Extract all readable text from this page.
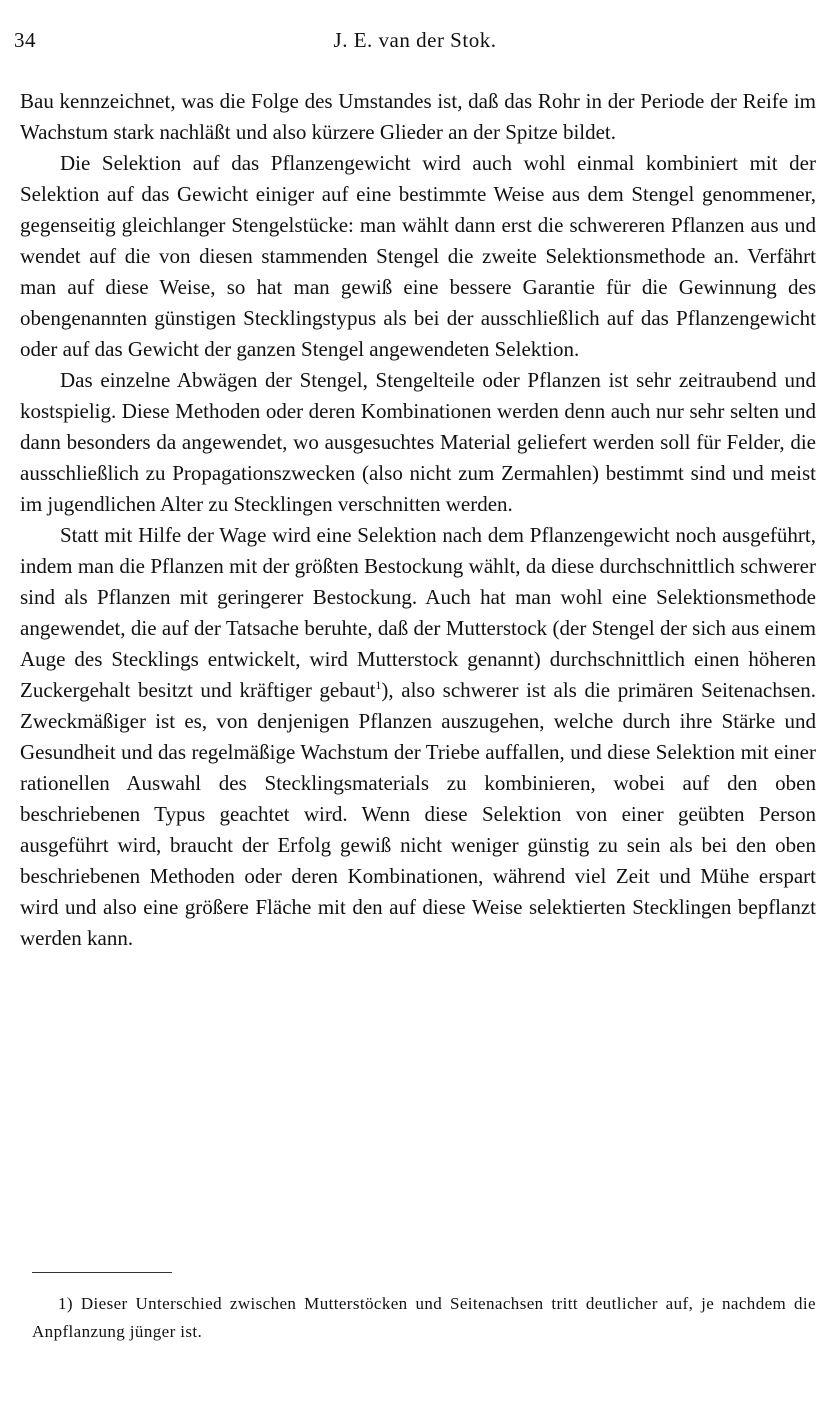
34	J. E. van der Stok.

Bau kennzeichnet, was die Folge des Umstandes ist, daß das Rohr in der Periode der Reife im Wachstum stark nachläßt und also kürzere Glieder an der Spitze bildet.

Die Selektion auf das Pflanzengewicht wird auch wohl einmal kombiniert mit der Selektion auf das Gewicht einiger auf eine bestimmte Weise aus dem Stengel genommener, gegenseitig gleichlanger Stengelstücke: man wählt dann erst die schwereren Pflanzen aus und wendet auf die von diesen stammenden Stengel die zweite Selektionsmethode an. Verfährt man auf diese Weise, so hat man gewiß eine bessere Garantie für die Gewinnung des obengenannten günstigen Stecklingstypus als bei der ausschließlich auf das Pflanzengewicht oder auf das Gewicht der ganzen Stengel angewendeten Selektion.

Das einzelne Abwägen der Stengel, Stengelteile oder Pflanzen ist sehr zeitraubend und kostspielig. Diese Methoden oder deren Kombinationen werden denn auch nur sehr selten und dann besonders da angewendet, wo ausgesuchtes Material geliefert werden soll für Felder, die ausschließlich zu Propagationszwecken (also nicht zum Zermahlen) bestimmt sind und meist im jugendlichen Alter zu Stecklingen verschnitten werden.

Statt mit Hilfe der Wage wird eine Selektion nach dem Pflanzengewicht noch ausgeführt, indem man die Pflanzen mit der größten Bestockung wählt, da diese durchschnittlich schwerer sind als Pflanzen mit geringerer Bestockung. Auch hat man wohl eine Selektionsmethode angewendet, die auf der Tatsache beruhte, daß der Mutterstock (der Stengel der sich aus einem Auge des Stecklings entwickelt, wird Mutterstock genannt) durchschnittlich einen höheren Zuckergehalt besitzt und kräftiger gebaut$^1$), also schwerer ist als die primären Seitenachsen. Zweckmäßiger ist es, von denjenigen Pflanzen auszugehen, welche durch ihre Stärke und Gesundheit und das regelmäßige Wachstum der Triebe auffallen, und diese Selektion mit einer rationellen Auswahl des Stecklingsmaterials zu kombinieren, wobei auf den oben beschriebenen Typus geachtet wird. Wenn diese Selektion von einer geübten Person ausgeführt wird, braucht der Erfolg gewiß nicht weniger günstig zu sein als bei den oben beschriebenen Methoden oder deren Kombinationen, während viel Zeit und Mühe erspart wird und also eine größere Fläche mit den auf diese Weise selektierten Stecklingen bepflanzt werden kann.

1) Dieser Unterschied zwischen Mutterstöcken und Seitenachsen tritt deutlicher auf, je nachdem die Anpflanzung jünger ist.
